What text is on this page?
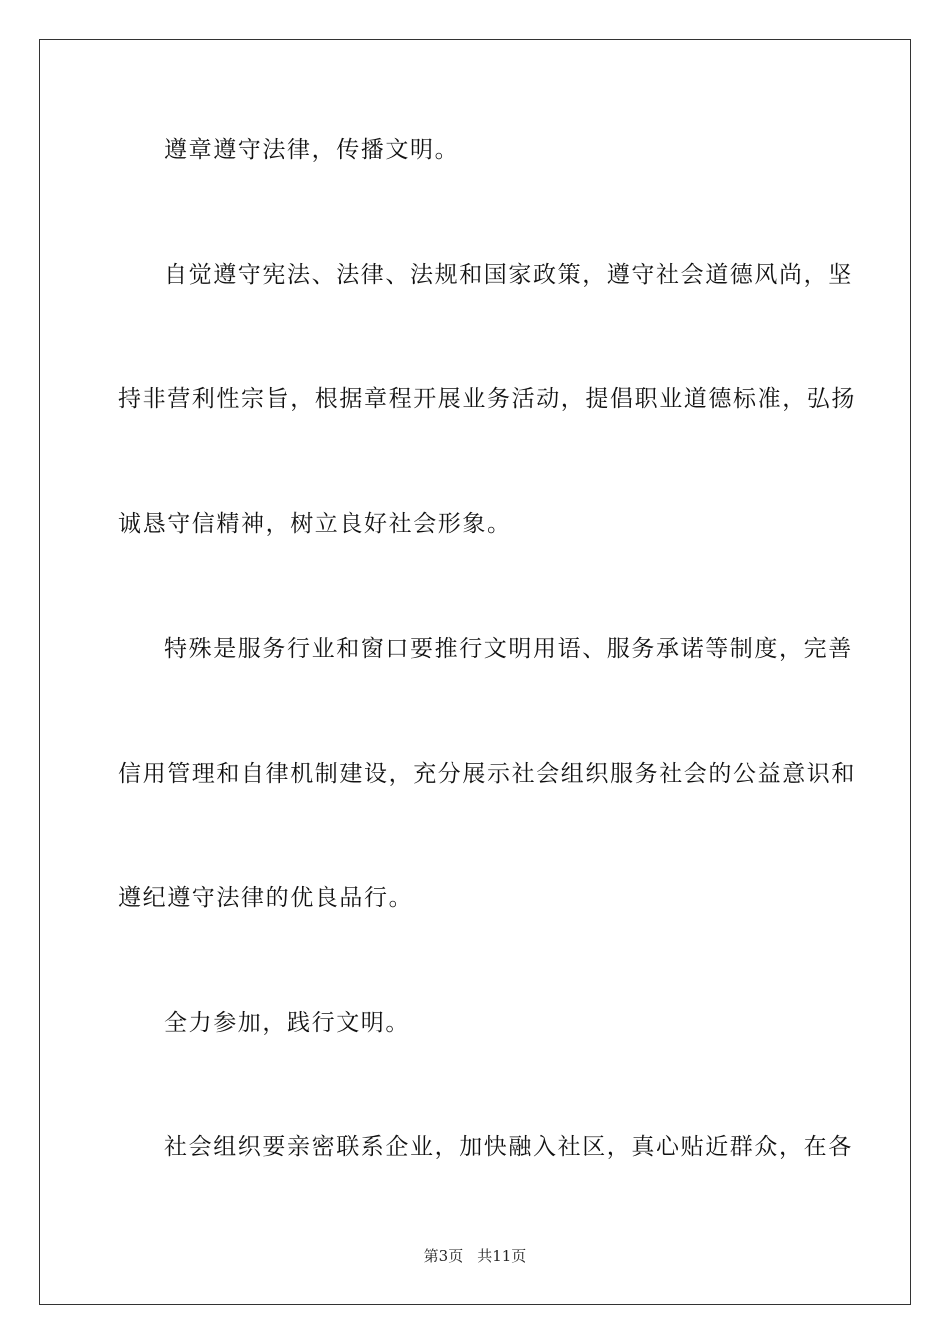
遵章遵守法律，传播文明。
自觉遵守宪法、法律、法规和国家政策，遵守社会道德风尚，坚
持非营利性宗旨，根据章程开展业务活动，提倡职业道德标准，弘扬
诚恳守信精神，树立良好社会形象。
特殊是服务行业和窗口要推行文明用语、服务承诺等制度，完善
信用管理和自律机制建设，充分展示社会组织服务社会的公益意识和
遵纪遵守法律的优良品行。
全力参加，践行文明。
社会组织要亲密联系企业，加快融入社区，真心贴近群众，在各
第3页 共11页
